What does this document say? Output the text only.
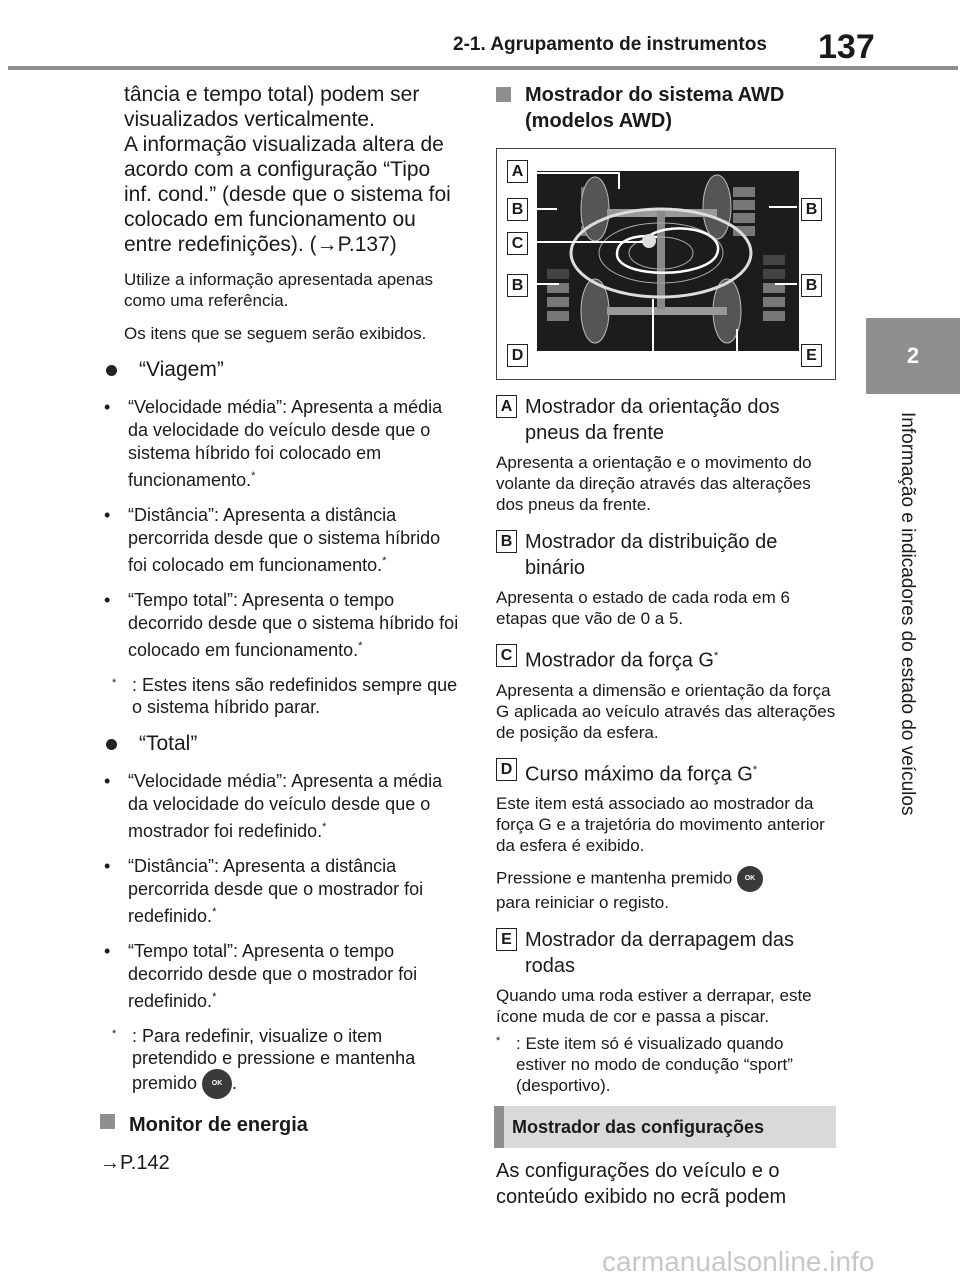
2-1. Agrupamento de instrumentos 137
2
Informação e indicadores do estado do veículos

tância e tempo total) podem ser visualizados verticalmente.

A informação visualizada altera de acordo com a configuração “Tipo inf. cond.” (desde que o sistema foi colocado em funcionamento ou entre redefinições). (→P.137)

Utilize a informação apresentada apenas como uma referência.

Os itens que se seguem serão exibidos.

“Viagem”
• “Velocidade média”: Apresenta a média da velocidade do veículo desde que o sistema híbrido foi colocado em funcionamento.*
• “Distância”: Apresenta a distância percorrida desde que o sistema híbrido foi colocado em funcionamento.*
• “Tempo total”: Apresenta o tempo decorrido desde que o sistema híbrido foi colocado em funcionamento.*
* : Estes itens são redefinidos sempre que o sistema híbrido parar.
“Total”
• “Velocidade média”: Apresenta a média da velocidade do veículo desde que o mostrador foi redefinido.*
• “Distância”: Apresenta a distância percorrida desde que o mostrador foi redefinido.*
• “Tempo total”: Apresenta o tempo decorrido desde que o mostrador foi redefinido.*
* : Para redefinir, visualize o item pretendido e pressione e mantenha premido OK .
Monitor de energia
→P.142
Mostrador do sistema AWD (modelos AWD)
A
B
C
B
D
B
B
E
A Mostrador da orientação dos pneus da frente
Apresenta a orientação e o movimento do volante da direção através das alterações dos pneus da frente.
B Mostrador da distribuição de binário
Apresenta o estado de cada roda em 6 etapas que vão de 0 a 5.
C Mostrador da força G*
Apresenta a dimensão e orientação da força G aplicada ao veículo através das alterações de posição da esfera.
D Curso máximo da força G*
Este item está associado ao mostrador da força G e a trajetória do movimento anterior da esfera é exibido.
Pressione e mantenha premido OK
para reiniciar o registo.
E Mostrador da derrapagem das rodas
Quando uma roda estiver a derrapar, este ícone muda de cor e passa a piscar.
* : Este item só é visualizado quando estiver no modo de condução “sport” (desportivo).
Mostrador das configurações
As configurações do veículo e o conteúdo exibido no ecrã podem
carmanualsonline.info
